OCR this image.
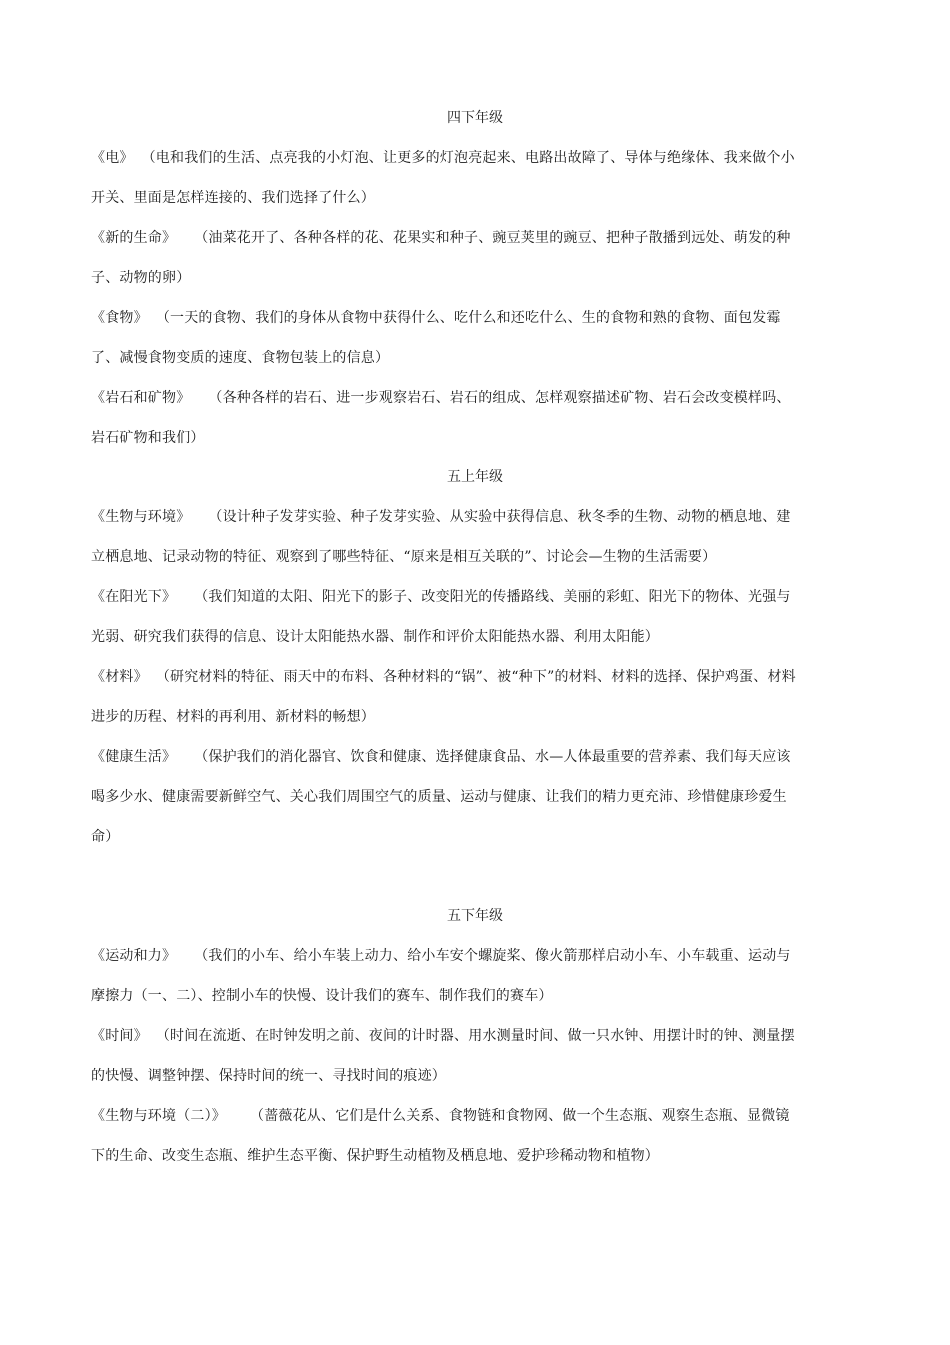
四下年级

《电》 （电和我们的生活、点亮我的小灯泡、让更多的灯泡亮起来、电路出故障了、导体与绝缘体、我来做个小开关、里面是怎样连接的、我们选择了什么）

《新的生命》 （油菜花开了、各种各样的花、花果实和种子、豌豆荚里的豌豆、把种子散播到远处、萌发的种子、动物的卵）

《食物》 （一天的食物、我们的身体从食物中获得什么、吃什么和还吃什么、生的食物和熟的食物、面包发霉了、减慢食物变质的速度、食物包装上的信息）

《岩石和矿物》 （各种各样的岩石、进一步观察岩石、岩石的组成、怎样观察描述矿物、岩石会改变模样吗、岩石矿物和我们）

五上年级

《生物与环境》 （设计种子发芽实验、种子发芽实验、从实验中获得信息、秋冬季的生物、动物的栖息地、建立栖息地、记录动物的特征、观察到了哪些特征、“原来是相互关联的”、讨论会—生物的生活需要）

《在阳光下》 （我们知道的太阳、阳光下的影子、改变阳光的传播路线、美丽的彩虹、阳光下的物体、光强与光弱、研究我们获得的信息、设计太阳能热水器、制作和评价太阳能热水器、利用太阳能）

《材料》 （研究材料的特征、雨天中的布料、各种材料的“锅”、被“种下”的材料、材料的选择、保护鸡蛋、材料进步的历程、材料的再利用、新材料的畅想）

《健康生活》 （保护我们的消化器官、饮食和健康、选择健康食品、水—人体最重要的营养素、我们每天应该喝多少水、健康需要新鲜空气、关心我们周围空气的质量、运动与健康、让我们的精力更充沛、珍惜健康珍爱生命）

五下年级

《运动和力》 （我们的小车、给小车装上动力、给小车安个螺旋桨、像火箭那样启动小车、小车载重、运动与摩擦力（一、二）、控制小车的快慢、设计我们的赛车、制作我们的赛车）

《时间》 （时间在流逝、在时钟发明之前、夜间的计时器、用水测量时间、做一只水钟、用摆计时的钟、测量摆的快慢、调整钟摆、保持时间的统一、寻找时间的痕迹）

《生物与环境（二）》 （蔷薇花从、它们是什么关系、食物链和食物网、做一个生态瓶、观察生态瓶、显微镜下的生命、改变生态瓶、维护生态平衡、保护野生动植物及栖息地、爱护珍稀动物和植物）
